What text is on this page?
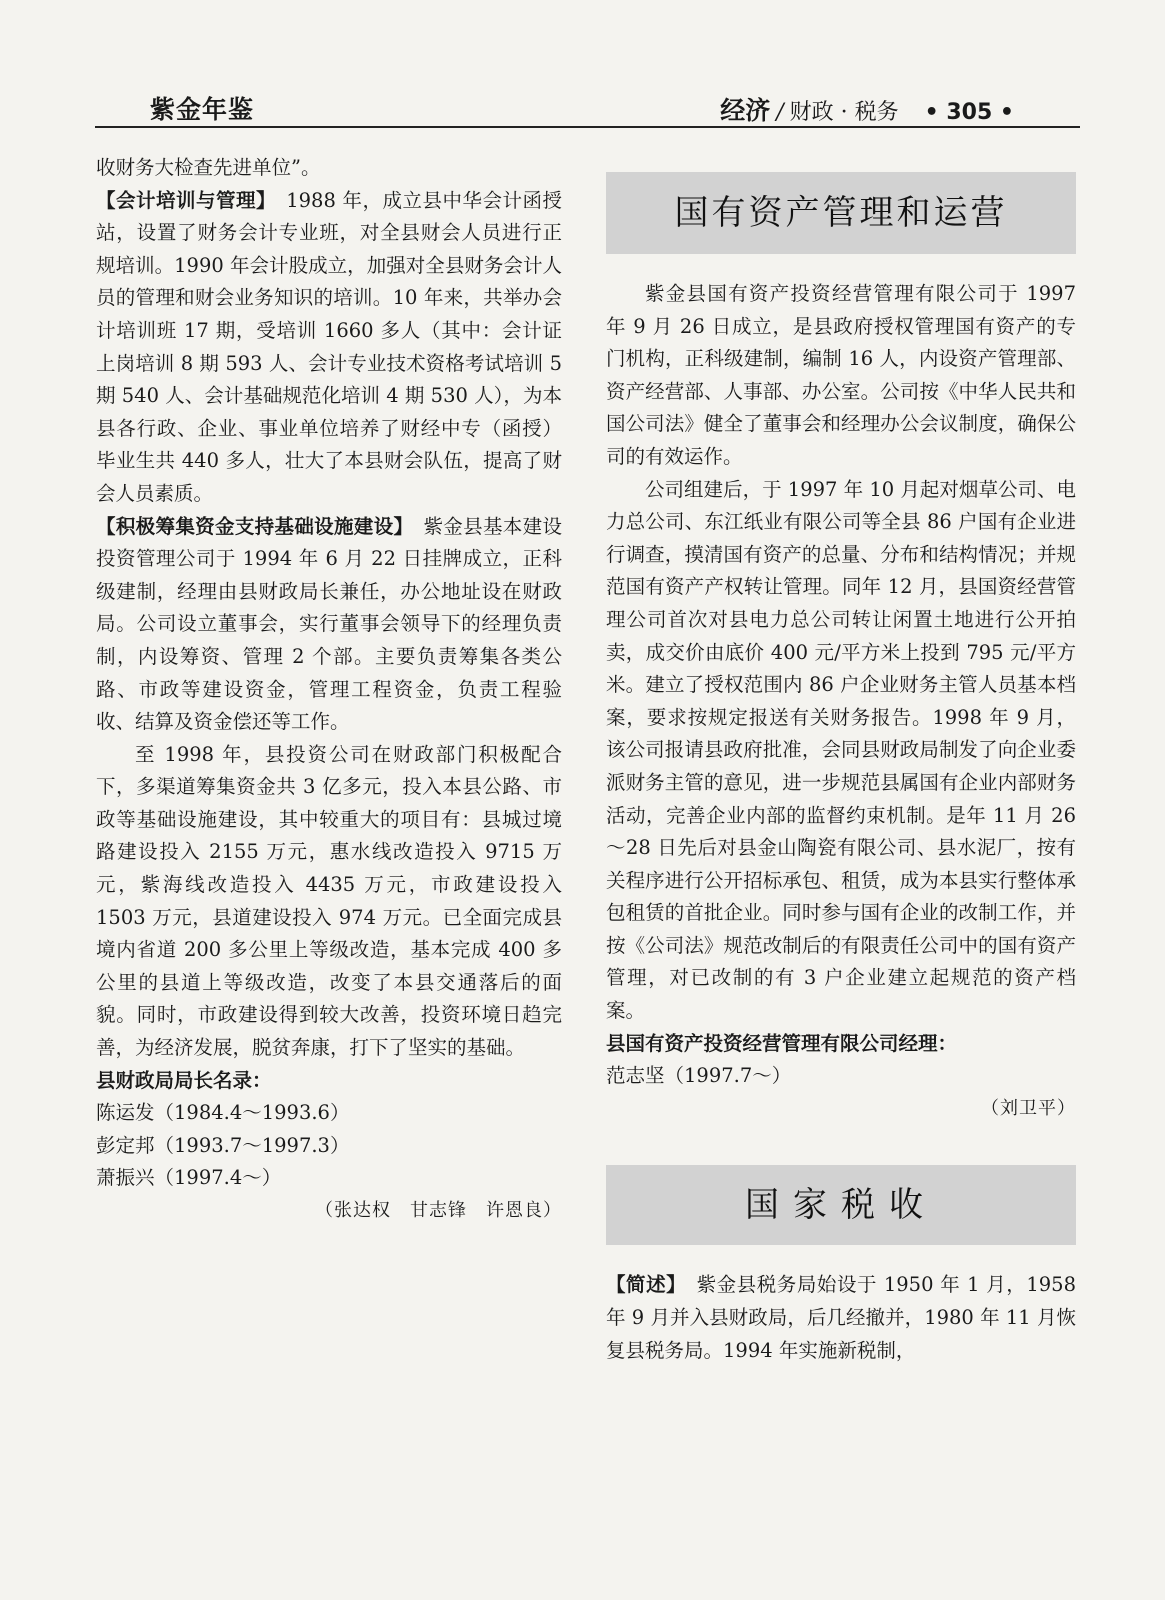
紫金年鉴	经济 / 财政 · 税务 • 305 •

收财务大检查先进单位”。

【会计培训与管理】　 1988 年，成立县中华会计函授站，设置了财务会计专业班，对全县财会人员进行正规培训。1990 年会计股成立，加强对全县财务会计人员的管理和财会业务知识的培训。10 年来，共举办会计培训班 17 期，受培训 1660 多人（其中：会计证上岗培训 8 期 593 人、会计专业技术资格考试培训 5 期 540 人、会计基础规范化培训 4 期 530 人），为本县各行政、企业、事业单位培养了财经中专（函授）毕业生共 440 多人，壮大了本县财会队伍，提高了财会人员素质。

【积极筹集资金支持基础设施建设】　 紫金县基本建设投资管理公司于 1994 年 6 月 22 日挂牌成立，正科级建制，经理由县财政局长兼任，办公地址设在财政局。公司设立董事会，实行董事会领导下的经理负责制，内设筹资、管理 2 个部。主要负责筹集各类公路、市政等建设资金，管理工程资金，负责工程验收、结算及资金偿还等工作。

至 1998 年，县投资公司在财政部门积极配合下，多渠道筹集资金共 3 亿多元，投入本县公路、市政等基础设施建设，其中较重大的项目有：县城过境路建设投入 2155 万元，惠水线改造投入 9715 万元，紫海线改造投入 4435 万元，市政建设投入 1503 万元，县道建设投入 974 万元。已全面完成县境内省道 200 多公里上等级改造，基本完成 400 多公里的县道上等级改造，改变了本县交通落后的面貌。同时，市政建设得到较大改善，投资环境日趋完善，为经济发展，脱贫奔康，打下了坚实的基础。

县财政局局长名录：

陈运发（1984.4～1993.6）

彭定邦（1993.7～1997.3）

萧振兴（1997.4～）

（张达权　甘志锋　许恩良）

国有资产管理和运营

紫金县国有资产投资经营管理有限公司于 1997 年 9 月 26 日成立，是县政府授权管理国有资产的专门机构，正科级建制，编制 16 人，内设资产管理部、资产经营部、人事部、办公室。公司按《中华人民共和国公司法》健全了董事会和经理办公会议制度，确保公司的有效运作。

公司组建后，于 1997 年 10 月起对烟草公司、电力总公司、东江纸业有限公司等全县 86 户国有企业进行调查，摸清国有资产的总量、分布和结构情况；并规范国有资产产权转让管理。同年 12 月，县国资经营管理公司首次对县电力总公司转让闲置土地进行公开拍卖，成交价由底价 400 元/平方米上投到 795 元/平方米。建立了授权范围内 86 户企业财务主管人员基本档案，要求按规定报送有关财务报告。1998 年 9 月，该公司报请县政府批准，会同县财政局制发了向企业委派财务主管的意见，进一步规范县属国有企业内部财务活动，完善企业内部的监督约束机制。是年 11 月 26～28 日先后对县金山陶瓷有限公司、县水泥厂，按有关程序进行公开招标承包、租赁，成为本县实行整体承包租赁的首批企业。同时参与国有企业的改制工作，并按《公司法》规范改制后的有限责任公司中的国有资产管理，对已改制的有 3 户企业建立起规范的资产档案。

县国有资产投资经营管理有限公司经理：

范志坚（1997.7～）

（刘卫平）

国家税收

【简述】　 紫金县税务局始设于 1950 年 1 月，1958 年 9 月并入县财政局，后几经撤并，1980 年 11 月恢复县税务局。1994 年实施新税制，
